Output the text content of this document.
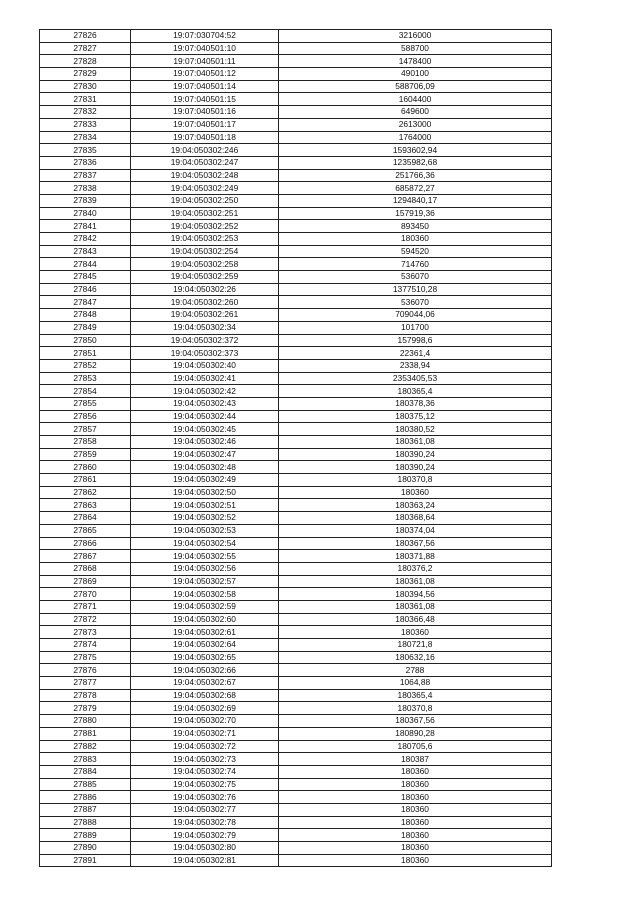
27826	19:07:030704:52	3216000
27827	19:07:040501:10	588700
27828	19:07:040501:11	1478400
27829	19:07:040501:12	490100
27830	19:07:040501:14	588706,09
27831	19:07:040501:15	1604400
27832	19:07:040501:16	649600
27833	19:07:040501:17	2613000
27834	19:07:040501:18	1764000
27835	19:04:050302:246	1593602,94
27836	19:04:050302:247	1235982,68
27837	19:04:050302:248	251766,36
27838	19:04:050302:249	685872,27
27839	19:04:050302:250	1294840,17
27840	19:04:050302:251	157919,36
27841	19:04:050302:252	893450
27842	19:04:050302:253	180360
27843	19:04:050302:254	594520
27844	19:04:050302:258	714760
27845	19:04:050302:259	536070
27846	19:04:050302:26	1377510,28
27847	19:04:050302:260	536070
27848	19:04:050302:261	709044,06
27849	19:04:050302:34	101700
27850	19:04:050302:372	157998,6
27851	19:04:050302:373	22361,4
27852	19:04:050302:40	2338,94
27853	19:04:050302:41	2353405,53
27854	19:04:050302:42	180365,4
27855	19:04:050302:43	180378,36
27856	19:04:050302:44	180375,12
27857	19:04:050302:45	180380,52
27858	19:04:050302:46	180361,08
27859	19:04:050302:47	180390,24
27860	19:04:050302:48	180390,24
27861	19:04:050302:49	180370,8
27862	19:04:050302:50	180360
27863	19:04:050302:51	180363,24
27864	19:04:050302:52	180368,64
27865	19:04:050302:53	180374,04
27866	19:04:050302:54	180367,56
27867	19:04:050302:55	180371,88
27868	19:04:050302:56	180376,2
27869	19:04:050302:57	180361,08
27870	19:04:050302:58	180394,56
27871	19:04:050302:59	180361,08
27872	19:04:050302:60	180366,48
27873	19:04:050302:61	180360
27874	19:04:050302:64	180721,8
27875	19:04:050302:65	180632,16
27876	19:04:050302:66	2788
27877	19:04:050302:67	1064,88
27878	19:04:050302:68	180365,4
27879	19:04:050302:69	180370,8
27880	19:04:050302:70	180367,56
27881	19:04:050302:71	180890,28
27882	19:04:050302:72	180705,6
27883	19:04:050302:73	180387
27884	19:04:050302:74	180360
27885	19:04:050302:75	180360
27886	19:04:050302:76	180360
27887	19:04:050302:77	180360
27888	19:04:050302:78	180360
27889	19:04:050302:79	180360
27890	19:04:050302:80	180360
27891	19:04:050302:81	180360
